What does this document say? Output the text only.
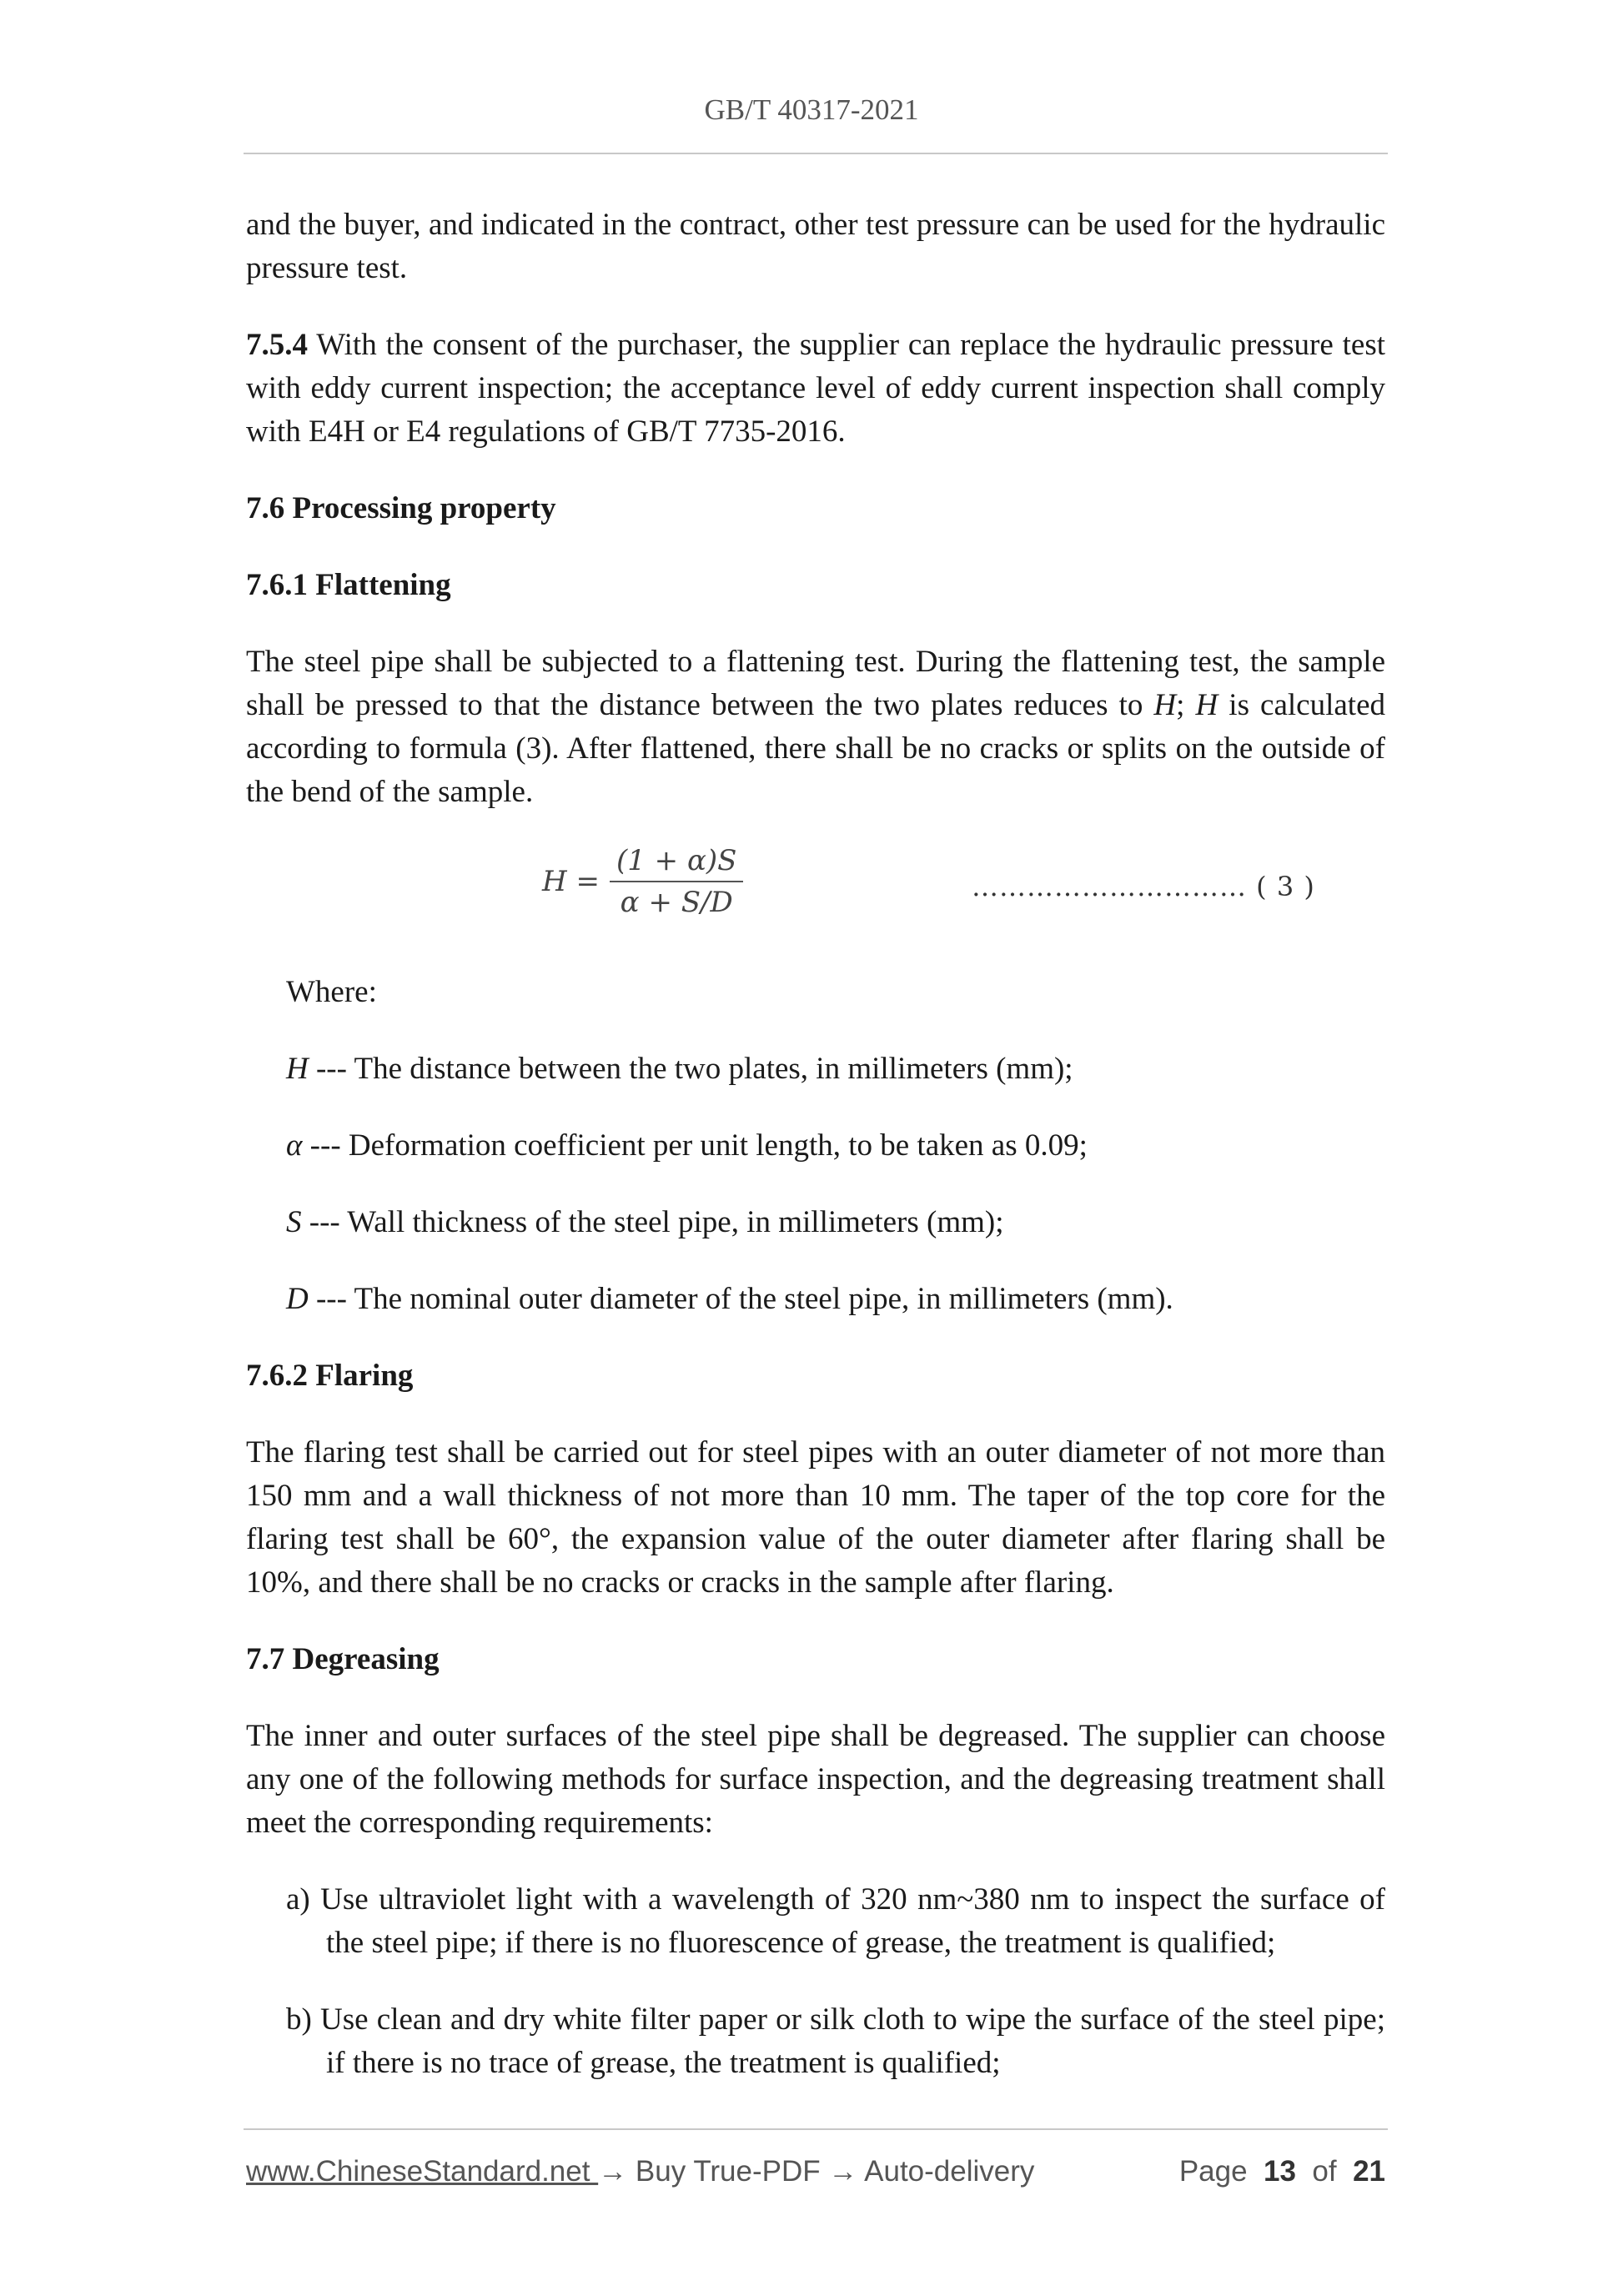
GB/T 40317-2021

and the buyer, and indicated in the contract, other test pressure can be used for the hydraulic pressure test.

7.5.4 With the consent of the purchaser, the supplier can replace the hydraulic pressure test with eddy current inspection; the acceptance level of eddy current inspection shall comply with E4H or E4 regulations of GB/T 7735-2016.

7.6 Processing property

7.6.1 Flattening

The steel pipe shall be subjected to a flattening test. During the flattening test, the sample shall be pressed to that the distance between the two plates reduces to H; H is calculated according to formula (3). After flattened, there shall be no cracks or splits on the outside of the bend of the sample.

$H = \frac{(1 + \alpha)S}{\alpha + S/D}$	………………………… ( 3 )

Where:

H --- The distance between the two plates, in millimeters (mm);

α --- Deformation coefficient per unit length, to be taken as 0.09;

S --- Wall thickness of the steel pipe, in millimeters (mm);

D --- The nominal outer diameter of the steel pipe, in millimeters (mm).

7.6.2 Flaring

The flaring test shall be carried out for steel pipes with an outer diameter of not more than 150 mm and a wall thickness of not more than 10 mm. The taper of the top core for the flaring test shall be 60°, the expansion value of the outer diameter after flaring shall be 10%, and there shall be no cracks or cracks in the sample after flaring.

7.7 Degreasing

The inner and outer surfaces of the steel pipe shall be degreased. The supplier can choose any one of the following methods for surface inspection, and the degreasing treatment shall meet the corresponding requirements:

a) Use ultraviolet light with a wavelength of 320 nm~380 nm to inspect the surface of the steel pipe; if there is no fluorescence of grease, the treatment is qualified;

b) Use clean and dry white filter paper or silk cloth to wipe the surface of the steel pipe; if there is no trace of grease, the treatment is qualified;

www.ChineseStandard.net → Buy True-PDF → Auto-delivery	Page 13 of 21
